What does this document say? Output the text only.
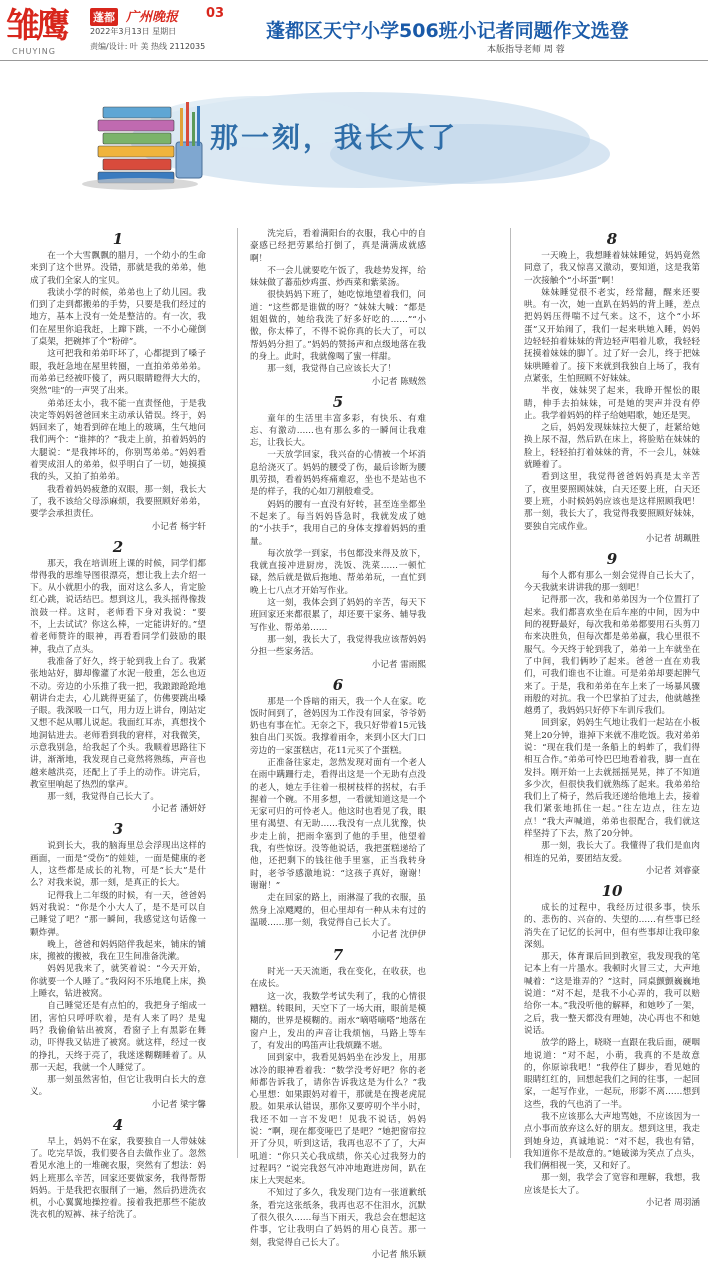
雏鹰
CHUYING
蓬都 广州晚报 03
2022年3月13日 星期日
责编/设计: 叶 美 热线 2112035
蓬都区天宁小学506班小记者同题作文选登
本版指导老师 周 蓉
那一刻，我长大了
1

在一个大雪飘飘的腊月，一个幼小的生命来到了这个世界。没错，那就是我的弟弟，他成了我们全家人的宝贝。

我读小学的时候，弟弟也上了幼儿园。我们到了走到都搬弟的手势，只要是我们经过的地方，基本上没有一处是整洁的。有一次，我们在屋里你追我赶，上蹿下跳，一不小心碰倒了桌架，把碗摔了个“粉碎”。

这可把我和弟弟吓坏了，心都提到了嗓子眼，我赶急地在屋里转圈，一直拍弟弟弟弟。而弟弟已经被吓傻了，两只眼睛瞪得大大的，突然“哇”的一声哭了出来。

弟弟还太小，我不能一直责怪他，于是我决定等妈妈爸爸回来主动承认错误。终于，妈妈回来了，她看到碎在地上的玻璃，生气地问我们两个：“谁摔的？”我走上前，拍着妈妈的大腿说：“是我摔坏的，你别骂弟弟。”妈妈看着哭成泪人的弟弟，似乎明白了一切，她摸摸我的头，又拍了拍弟弟。

我看着妈妈疲惫的双眼，那一刻，我长大了，我不该给父母添麻烦，我要照顾好弟弟，要学会承担责任。

小记者 杨宇轩
2

那天，我在培训班上课的时候，同学们都带得我的思维导图很漂亮，想让我上去介绍一下。从小就胆小的我，面对这么多人，肯定脸红心跳，说话结巴。想到这儿，我头摇得像拨浪鼓一样。这时，老师看下身对我说：“要不，上去试试？你这么棒，一定能讲好的。”望着老师赞许的眼神，再看看同学们鼓励的眼神，我点了点头。

我准备了好久，终于轮到我上台了。我紧张地站好，脚却像灌了水泥一般重，怎么也迈不动。旁边的小乐推了我一把，我踉踉跄跄地朝讲台走去，心儿跳得更猛了，仿佛要跳出嗓子眼。我深吸一口气，用力迈上讲台，刚站定又想不起从哪儿说起。我面红耳赤，真想找个地洞钻进去。老师看到我的窘样，对我微笑，示意我别急，给我起了个头。我顺着思路往下讲，渐渐地，我发现自己竟然将熟练，声音也越来越洪亮，还配上了手上的动作。讲完后，教室里响起了热烈的掌声。

那一刻，我觉得自己长大了。

小记者 潘妍妤
3

说到长大，我的脑海里总会浮现出这样的画面，一面是“受伤”的娃娃，一面是健康的老人，这些都是成长的礼物，可是“长大”是什么？对我来说，那一刻，是真正的长大。

记得我上二年级的时候，有一天，爸爸妈妈对我说：“你是个小大人了，是不是可以自己睡觉了吧？”那一瞬间，我感觉这句话像一颗炸弹。

晚上，爸爸和妈妈陪伴我起来，铺床的铺床，搬被的搬被，我在卫生间准备洗漱。

妈妈见我来了，就笑着说：“今天开始，你就要一个人睡了。”我闷闷不乐地爬上床，换上睡衣，钻进被窝。

自己睡觉还是有点怕的，我把身子缩成一团，害怕只呼呼吹着，是有人来了吗？是鬼吗？我偷偷钻出被窝，看窗子上有黑影在舞动，吓得我又钻进了被窝。就这样，经过一夜的挣扎，天终于亮了，我迷迷糊糊睡着了。从那一天起，我就一个人睡觉了。

那一刻虽然害怕，但它让我明白长大的意义。

小记者 梁宇馨
4

早上，妈妈不在家，我要独自一人带妹妹了。吃完早饭，我们要各自去做作业了。忽然看见水池上的一堆碗衣服，突然有了想法：妈妈上班那么辛苦，回家还要做家务，我得帮帮妈妈。于是我把衣服削了一遍，然后扔进洗衣机，小心翼翼地操控着。接着我把那些不能放洗衣机的短裤、袜子给洗了。

洗完后，看着满阳台的衣服，我心中的自豪感已经把劳累给打倒了，真是满满成就感啊！

不一会儿就要吃午饭了，我趁势发挥，给妹妹做了蕃茄炒鸡蛋、炒西菜和紫菜汤。

很快妈妈下班了，她吃惊地望着我们，问道：“这些都是谁做的呀？”妹妹大喊：“都是姐姐做的，她给我洗了好多好吃的……”“小傲，你太棒了，不得不说你真的长大了，可以帮妈妈分担了。”妈妈的赞扬声和点级地落在我的身上。此时，我就像喝了蜜一样甜。

那一刻，我觉得自己应该长大了！

小记者 陈贼然
5

童年的生活里丰富多彩，有快乐、有难忘、有激动……也有那么多的一瞬间让我难忘，让我长大。

一天放学回家，我兴奋的心情被一个坏消息给浇灭了。妈妈的腰受了伤，最后诊断为腰肌劳损，看着妈妈疼痛难忍，坐也不是站也不是的样子，我的心如刀割般难受。

妈妈的腰有一直没有好转，甚至连坐都坐不起来了。每当妈妈昏急时，我就发成了她的“小扶手”，我用自己的身体支撑着妈妈的重量。

每次放学一到家，书包都没来得及放下，我就直接冲进厨房，洗饭、洗菜……一顿忙碌，然后就是做后拖地、帮弟弟玩，一直忙到晚上七八点才开始写作业。

这一刻，我体会到了妈妈的辛苦，每天下班回家还来都很累了，却还要干家务、辅导我写作业、帮弟弟……

那一刻，我长大了，我觉得我应该帮妈妈分担一些家务活。

小记者 雷雨熙
6

那是一个昏暗的雨天，我一个人在家。吃饭时间到了，爸妈因为工作没有回家，爷爷奶奶也有事在忙。无奈之下，我只好带着15元钱独自出门买饭。我撑着雨伞，来到小区大门口旁边的一家蛋糕店，花11元买了个蛋糕。

正准备往家走，忽然发现对面有一个老人在雨中蹒跚行走，看得出这是一个无助有点没的老人，她左手往着一根树枝样的拐杖，右手握着一个碗。不用多想，一看就知道这是一个无家可归的可怜老人。他这时也看见了我，眼里有渴望、有无助……我没有一点儿犹豫，快步走上前，把雨伞塞到了他的手里，他望着我，有些惊讶。没等他说话，我把蛋糕递给了他，还把剩下的钱往他手里塞，正当我转身时，老爷爷感激地说：“这孩子真好，谢谢！谢谢！”

走在回家的路上，雨淋湿了我的衣服，虽然身上凉飕飕的，但心里却有一种从未有过的温暖……那一刻，我觉得自己长大了。

小记者 沈伊伊
7

时光一天天流逝，我在变化，在收获，也在成长。

这一次，我数学考试失利了，我的心情很糟糕。转眼间，天空下了一场大雨，眼前是模糊的，世界是模糊的。雨水“嘀嗒嘀嗒”地落在窗户上，发出的声音让我烦恼，马路上等车了，有发出的鸣笛声让我烦躁不堪。

回到家中，我看见妈妈坐在沙发上，用那冰冷的眼神看着我：“数学没考好吧？你的老师都告诉我了，请你告诉我这是为什么？”我心里想：如果跟妈对着干，那就是在搜老虎屁股。如果承认错误，那你又要哼叨个半小时，我还不如一言不发吧！见我不说话，妈妈说：“啊，现在都变哑巴了是吧？”她把窗帘拉开了分贝，听到这话，我再也忍不了了，大声吼道：“你只关心我成绩，你关心过我努力的过程吗？”说完我怒气冲冲地跑进房间，趴在床上大哭起来。

不知过了多久，我发现门边有一张道歉纸条，看完这张纸条，我再也忍不住泪水，沉默了很久很久……每当下雨天，我总会在想起这件事，它让我明白了妈妈的用心良苦。那一刻，我觉得自己长大了。

小记者 熊乐颖
8

一天晚上，我想睡着妹妹睡觉，妈妈竟然同意了，我又惊喜又激动，要知道，这是我第一次接触个“小坏蛋”啊！

妹妹睡觉很不老实，经常翻，醒来还要哄。有一次，她一直趴在妈妈的背上睡，差点把妈妈压得喘不过气来。这不，这个“小坏蛋”又开始闹了，我们一起来哄她入睡，妈妈边轻轻拍着妹妹的背边轻声唱着儿歌，我轻轻抚摸着妹妹的脚丫。过了好一会儿，终于把妹妹哄睡着了。接下来就到我独自上场了，我有点紧张，生怕照顾不好妹妹。

半夜，妹妹哭了起来，我睁开惺忪的眼睛，伸手去拍妹妹，可是她的哭声并没有停止。我学着妈妈的样子给她唱歌，她还是哭。

之后，妈妈发现妹妹拉大便了，赶紧给她换上尿不湿，然后趴在床上，将脸贴在妹妹的脸上，轻轻拍打着妹妹的背，不一会儿，妹妹就睡着了。

看到这里，我觉得爸爸妈妈真是太辛苦了，夜里要照顾妹妹，白天还要上班，白天还要上班，小时候妈妈应该也是这样照顾我吧！那一刻，我长大了，我觉得我要照顾好妹妹，要独自完成作业。

小记者 胡珮胜
9

每个人都有那么一刻会觉得自己长大了，今天我就来讲讲我的那一刻吧！

记得那一次，我和弟弟因为一个位置打了起来。我们都喜欢坐在后车座的中间，因为中间的视野最好，每次我和弟弟都要用石头剪刀布来决胜负，但每次都是弟弟赢，我心里很不服气。今天终于轮到我了，弟弟一上车就坐在了中间，我们俩吵了起来。爸爸一直在劝我们，可我们谁也不让谁。可是弟弟却要起脾气来了。于是，我和弟弟在车上来了一场暴风骤雨般的对抗。我一个巴掌拍了过去，他就越挫越勇了，我妈妈只好停下车训斥我们。

回到家，妈妈生气地让我们一起站在小板凳上20分钟，谁掉下来就不准吃饭。我对弟弟说：“现在我们是一条船上的蚂蚱了，我们得相互合作。”弟弟可怜巴巴地看着我，脚一直在发抖。刚开始一上去就摇摇晃晃，摔了不知道多少次，但很快我们就熟练了起来。我弟弟给我们上了椅子，然后我还递给他地上去，接着我们紧张地抓住一起。”往左边点，往左边点！”我大声喊道，弟弟也很配合，我们就这样坚持了下去，熬了20分钟。

那一刻，我长大了。我懂得了我们是血肉相连的兄弟，要团结友爱。

小记者 刘睿豪
10

成长的过程中，我经历过很多事，快乐的、悲伤的、兴奋的、失望的……有些事已经消失在了记忆的长河中，但有些事却让我印象深刻。

那天，体育课后回到教室，我发现我的笔记本上有一片墨水。我顿时火冒三丈，大声地喊着：“这是谁弄的？”这时，同桌颤颤巍巍地说道：“对不起，是我不小心弄的，我可以赔给你一本。”我没听他的解释，和她吵了一架，之后，我一整天都没有理她，决心再也不和她说话。

放学的路上，晓晓一直跟在我后面，硬咽地说道：“对不起，小萌，我真的不是故意的，你原谅我吧！”我停住了脚步，看见她的眼睛红红的，回想起我们之间的往事，一起回家，一起写作业，一起玩，形影不离……想到这些，我的气也消了一半。

我不应该那么大声地骂她，不应该因为一点小事而放弃这么好的朋友。想到这里，我走到她身边，真诚地说：“对不起，我也有错，我知道你不是故意的。”她破涕为笑点了点头，我们俩相视一笑，又和好了。

那一刻，我学会了宽容和理解，我想，我应该是长大了。

小记者 周羽涵
